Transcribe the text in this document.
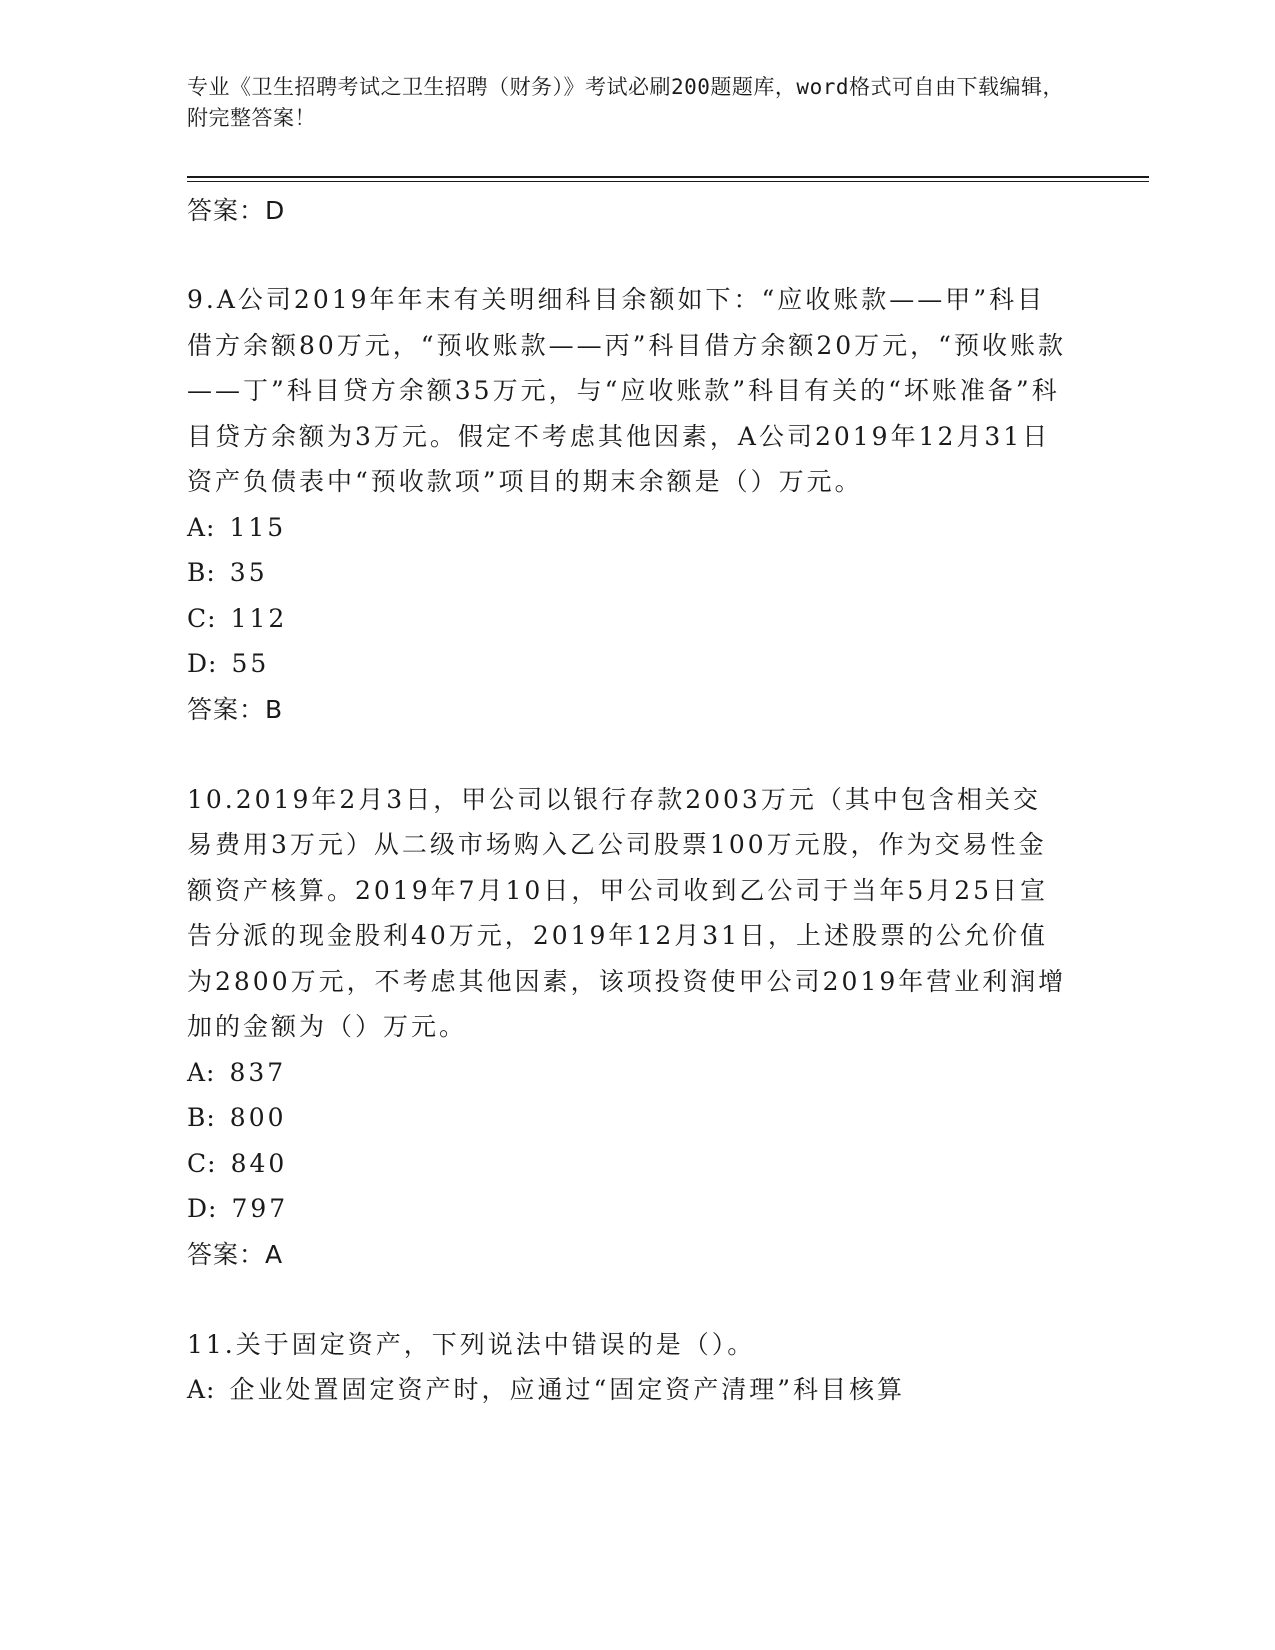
专业《卫生招聘考试之卫生招聘（财务）》考试必刷200题题库，word格式可自由下载编辑，附完整答案！
答案：D

9.A公司2019年年末有关明细科目余额如下：“应收账款——甲”科目借方余额80万元，“预收账款——丙”科目借方余额20万元，“预收账款——丁”科目贷方余额35万元，与“应收账款”科目有关的“坏账准备”科目贷方余额为3万元。假定不考虑其他因素，A公司2019年12月31日资产负债表中“预收款项”项目的期末余额是（）万元。

A: 115
B: 35
C: 112
D: 55
答案：B

10.2019年2月3日，甲公司以银行存款2003万元（其中包含相关交易费用3万元）从二级市场购入乙公司股票100万元股，作为交易性金额资产核算。2019年7月10日，甲公司收到乙公司于当年5月25日宣告分派的现金股利40万元，2019年12月31日，上述股票的公允价值为2800万元，不考虑其他因素，该项投资使甲公司2019年营业利润增加的金额为（）万元。

A: 837
B: 800
C: 840
D: 797
答案：A

11.关于固定资产，下列说法中错误的是（）。

A: 企业处置固定资产时，应通过“固定资产清理”科目核算
